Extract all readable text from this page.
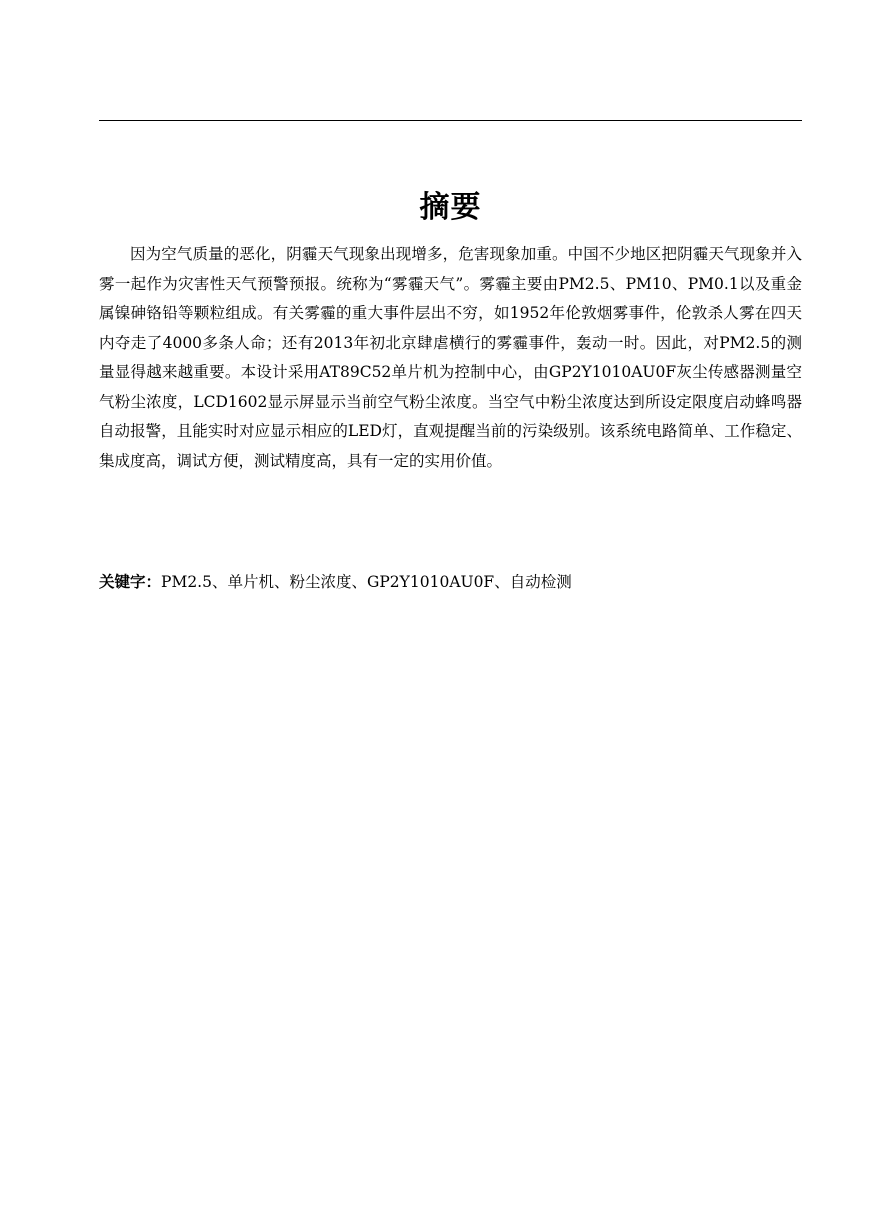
摘要

因为空气质量的恶化，阴霾天气现象出现增多，危害现象加重。中国不少地区把阴霾天气现象并入雾一起作为灾害性天气预警预报。统称为“雾霾天气”。雾霾主要由PM2.5、PM10、PM0.1以及重金属镍砷铬铅等颗粒组成。有关雾霾的重大事件层出不穷，如1952年伦敦烟雾事件，伦敦杀人雾在四天内夺走了4000多条人命；还有2013年初北京肆虐横行的雾霾事件，轰动一时。因此，对PM2.5的测量显得越来越重要。本设计采用AT89C52单片机为控制中心，由GP2Y1010AU0F灰尘传感器测量空气粉尘浓度，LCD1602显示屏显示当前空气粉尘浓度。当空气中粉尘浓度达到所设定限度启动蜂鸣器自动报警，且能实时对应显示相应的LED灯，直观提醒当前的污染级别。该系统电路简单、工作稳定、集成度高，调试方便，测试精度高，具有一定的实用价值。

关键字：PM2.5、单片机、粉尘浓度、GP2Y1010AU0F、自动检测
